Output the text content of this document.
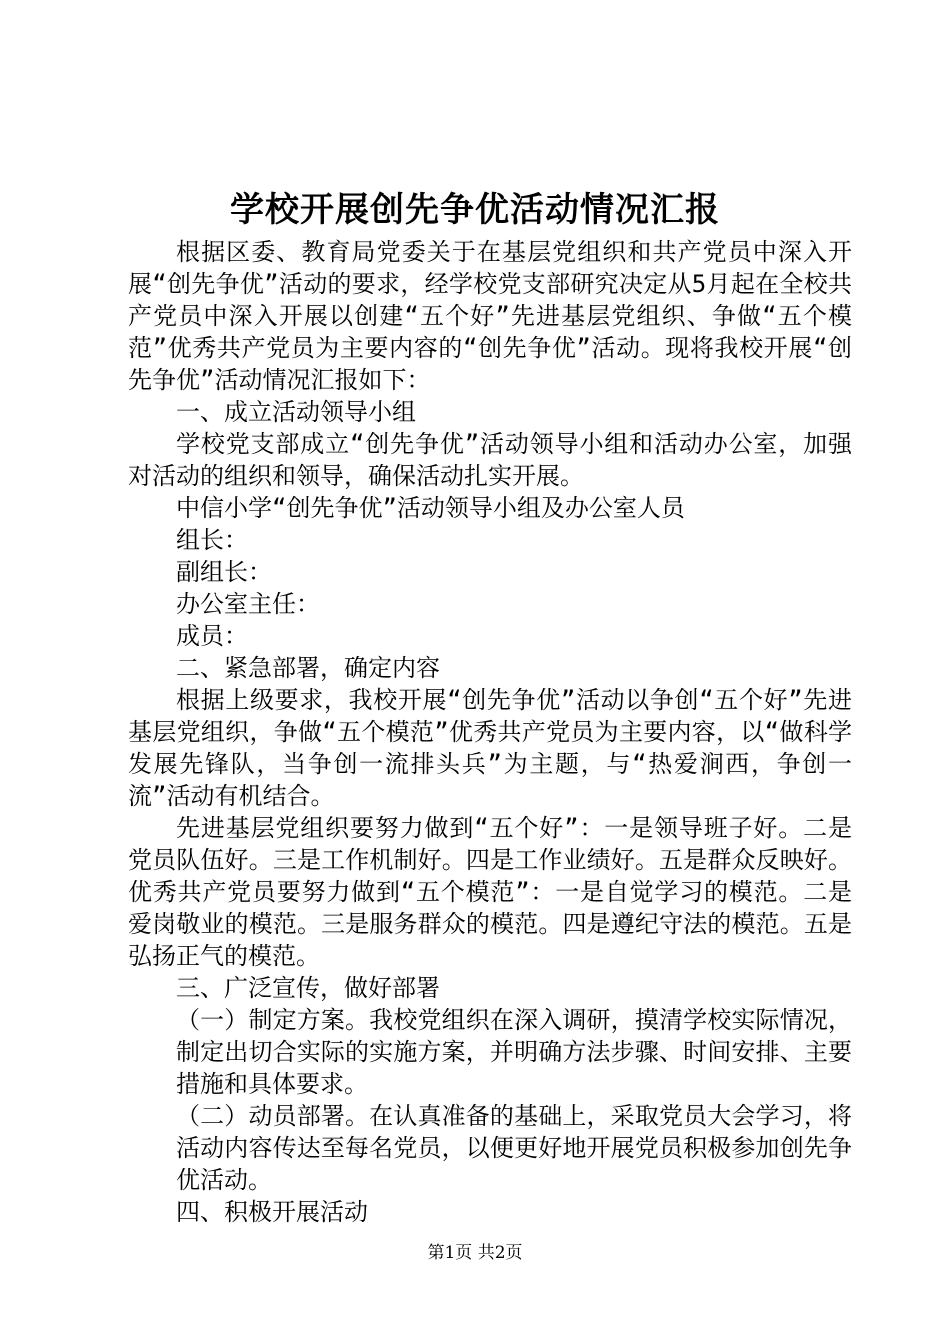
学校开展创先争优活动情况汇报

根据区委、教育局党委关于在基层党组织和共产党员中深入开展“创先争优”活动的要求，经学校党支部研究决定从5月起在全校共产党员中深入开展以创建“五个好”先进基层党组织、争做“五个模范”优秀共产党员为主要内容的“创先争优”活动。现将我校开展“创先争优”活动情况汇报如下：

一、成立活动领导小组

学校党支部成立“创先争优”活动领导小组和活动办公室，加强对活动的组织和领导，确保活动扎实开展。

中信小学“创先争优”活动领导小组及办公室人员

组长：

副组长：

办公室主任：

成员：

二、紧急部署，确定内容

根据上级要求，我校开展“创先争优”活动以争创“五个好”先进基层党组织，争做“五个模范”优秀共产党员为主要内容，以“做科学发展先锋队，当争创一流排头兵”为主题，与“热爱涧西，争创一流”活动有机结合。

先进基层党组织要努力做到“五个好”：一是领导班子好。二是党员队伍好。三是工作机制好。四是工作业绩好。五是群众反映好。优秀共产党员要努力做到“五个模范”：一是自觉学习的模范。二是爱岗敬业的模范。三是服务群众的模范。四是遵纪守法的模范。五是弘扬正气的模范。

三、广泛宣传，做好部署

（一）制定方案。我校党组织在深入调研，摸清学校实际情况，制定出切合实际的实施方案，并明确方法步骤、时间安排、主要措施和具体要求。

（二）动员部署。在认真准备的基础上，采取党员大会学习，将活动内容传达至每名党员，以便更好地开展党员积极参加创先争优活动。

四、积极开展活动

第1页 共2页
